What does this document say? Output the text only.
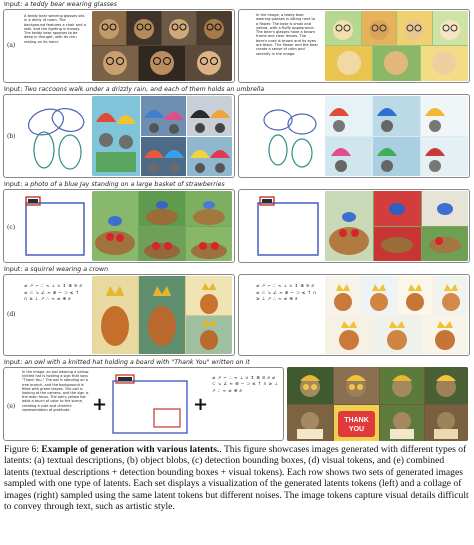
Input: a teddy bear wearing glasses
(a)
A teddy bear wearing glasses sits in a dimly lit room. The background features a chair and a wall, and the lighting is moody. The teddy bear appears to be deep in thought, with its chin resting on its hand.
In the image, a teddy bear wearing glasses is sitting next to a flower. The bear is small and yellow, with a fluffy appearance. The bear's glasses have a brown frame and clear lenses. The bear's nose is brown and its eyes are black. The flower and the bear create a sense of calm and serenity in the image.
Input: Two raccoons walk under a drizzly rain, and each of them holds an umbrella
(b)
Input: a photo of a blue Jay standing on a large basket of strawberries
(c)
Input: a squirrel wearing a crown
(d)
≠ ↗ ⌐ ∴ ≈ ⊥ ∪ ↕ ⊕ ≡ ∂ ≠ ⊂ ↘ ∠ ≈ ⊗ ∼ ⊃ ≤ ↑ ∩ ≥ ⊥ ↗ ∴ ≈ ≠ ⊕ ∂
≠ ↗ ⌐ ∴ ≈ ⊥ ∪ ↕ ⊕ ≡ ∂ ≠ ⊂ ↘ ∠ ≈ ⊗ ∼ ⊃ ≤ ↑ ∩ ≥ ⊥ ↗ ∴ ≈ ≠ ⊕ ∂
Input: an owl with a knitted hat holding a board with "Thank You" written on it
(e)
In the image, an owl wearing a yellow knitted hat is holding a sign that says "Thank You." The owl is standing on a tree branch, and the background is filled with green leaves. The owl is looking at the camera, and the sign is the main focus. The owl's yellow hat adds a touch of color to the scene, creating a cute and cheerful representation of gratitude.	+	+
≠ ↗ ⌐ ∴ ≈ ⊥ ∪ ↕ ⊕ ≡ ∂ ≠ ⊂ ↘ ∠ ≈ ⊗ ∼ ⊃ ≤ ↑ ∩ ≥ ⊥ ↗ ∴ ≈ ≠ ⊕ ∂
THANK
YOU
Figure 6: Example of generation with various latents.. This figure showcases images generated with different types of latents: (a) textual descriptions, (b) object blobs, (c) detection bounding boxes, (d) visual tokens, and (e) combined latents (textual descriptions + detection bounding boxes + visual tokens). Each row shows two sets of generated images sampled with one type of latents. Each set displays a visualization of the generated latents tokens (left) and a collage of images (right) sampled using the same latent tokens but different noises. The image tokens capture visual details difficult to convey through text, such as artistic style.
